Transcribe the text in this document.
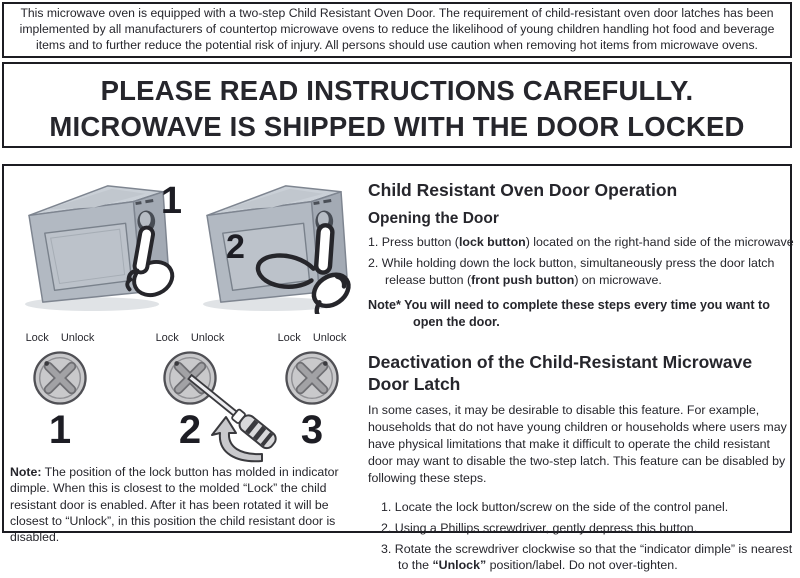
This microwave oven is equipped with a two-step Child Resistant Oven Door. The requirement of child-resistant oven door latches has been implemented by all manufacturers of countertop microwave ovens to reduce the likelihood of young children handling hot food and beverage items and to further reduce the potential risk of injury. All persons should use caution when removing hot items from microwave ovens.
PLEASE READ INSTRUCTIONS CAREFULLY.
MICROWAVE IS SHIPPED WITH THE DOOR LOCKED
1
2
Lock Unlock
1
Lock Unlock
2
Lock Unlock
3
Note: The position of the lock button has molded in indicator dimple. When this is closest to the molded “Lock” the child resistant door is enabled. After it has been rotated it will be closest to “Unlock”, in this position the child resistant door is disabled.
Child Resistant Oven Door Operation
Opening the Door

1. Press button (lock button) located on the right-hand side of the microwave

2. While holding down the lock button, simultaneously press the door latch release button (front push button) on microwave.

Note* You will need to complete these steps every time you want to open the door.

Deactivation of the Child-Resistant Microwave Door Latch

In some cases, it may be desirable to disable this feature. For example, households that do not have young children or households where users may have physical limitations that make it difficult to operate the child resistant door may want to disable the two-step latch. This feature can be disabled by following these steps.

1. Locate the lock button/screw on the side of the control panel.

2. Using a Phillips screwdriver, gently depress this button.

3. Rotate the screwdriver clockwise so that the “indicator dimple” is nearest to the “Unlock” position/label. Do not over-tighten.
